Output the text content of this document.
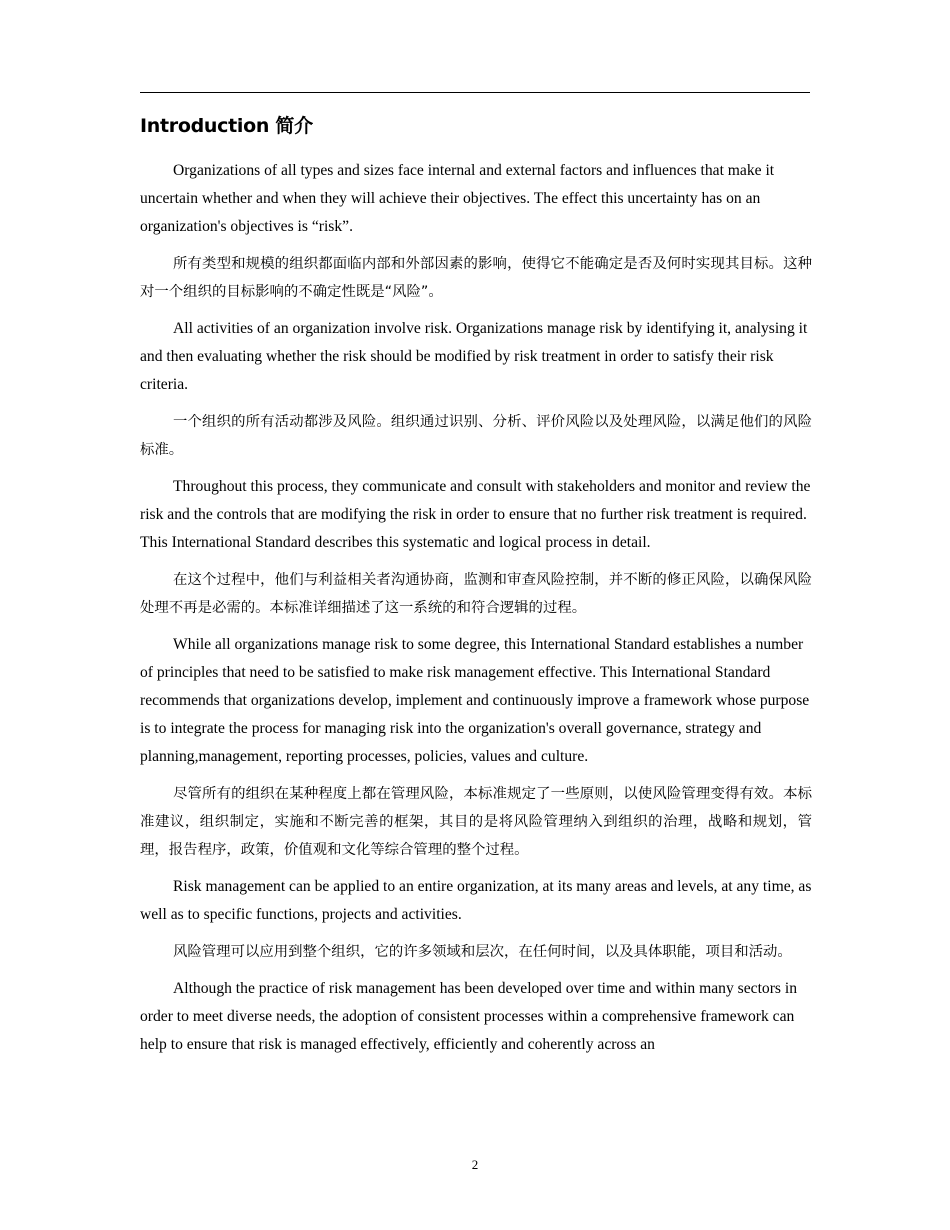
Introduction 简介

Organizations of all types and sizes face internal and external factors and influences that make it uncertain whether and when they will achieve their objectives. The effect this uncertainty has on an organization's objectives is “risk”.

所有类型和规模的组织都面临内部和外部因素的影响，使得它不能确定是否及何时实现其目标。这种对一个组织的目标影响的不确定性既是“风险”。

All activities of an organization involve risk. Organizations manage risk by identifying it, analysing it and then evaluating whether the risk should be modified by risk treatment in order to satisfy their risk criteria.

一个组织的所有活动都涉及风险。组织通过识别、分析、评价风险以及处理风险，以满足他们的风险标准。

Throughout this process, they communicate and consult with stakeholders and monitor and review the risk and the controls that are modifying the risk in order to ensure that no further risk treatment is required. This International Standard describes this systematic and logical process in detail.

在这个过程中，他们与利益相关者沟通协商，监测和审查风险控制，并不断的修正风险，以确保风险处理不再是必需的。本标准详细描述了这一系统的和符合逻辑的过程。

While all organizations manage risk to some degree, this International Standard establishes a number of principles that need to be satisfied to make risk management effective. This International Standard recommends that organizations develop, implement and continuously improve a framework whose purpose is to integrate the process for managing risk into the organization's overall governance, strategy and planning,management, reporting processes, policies, values and culture.

尽管所有的组织在某种程度上都在管理风险，本标准规定了一些原则，以使风险管理变得有效。本标准建议，组织制定，实施和不断完善的框架，其目的是将风险管理纳入到组织的治理，战略和规划，管理，报告程序，政策，价值观和文化等综合管理的整个过程。

Risk management can be applied to an entire organization, at its many areas and levels, at any time, as well as to specific functions, projects and activities.

风险管理可以应用到整个组织，它的许多领域和层次，在任何时间，以及具体职能，项目和活动。

Although the practice of risk management has been developed over time and within many sectors in order to meet diverse needs, the adoption of consistent processes within a comprehensive framework can help to ensure that risk is managed effectively, efficiently and coherently across an

2
